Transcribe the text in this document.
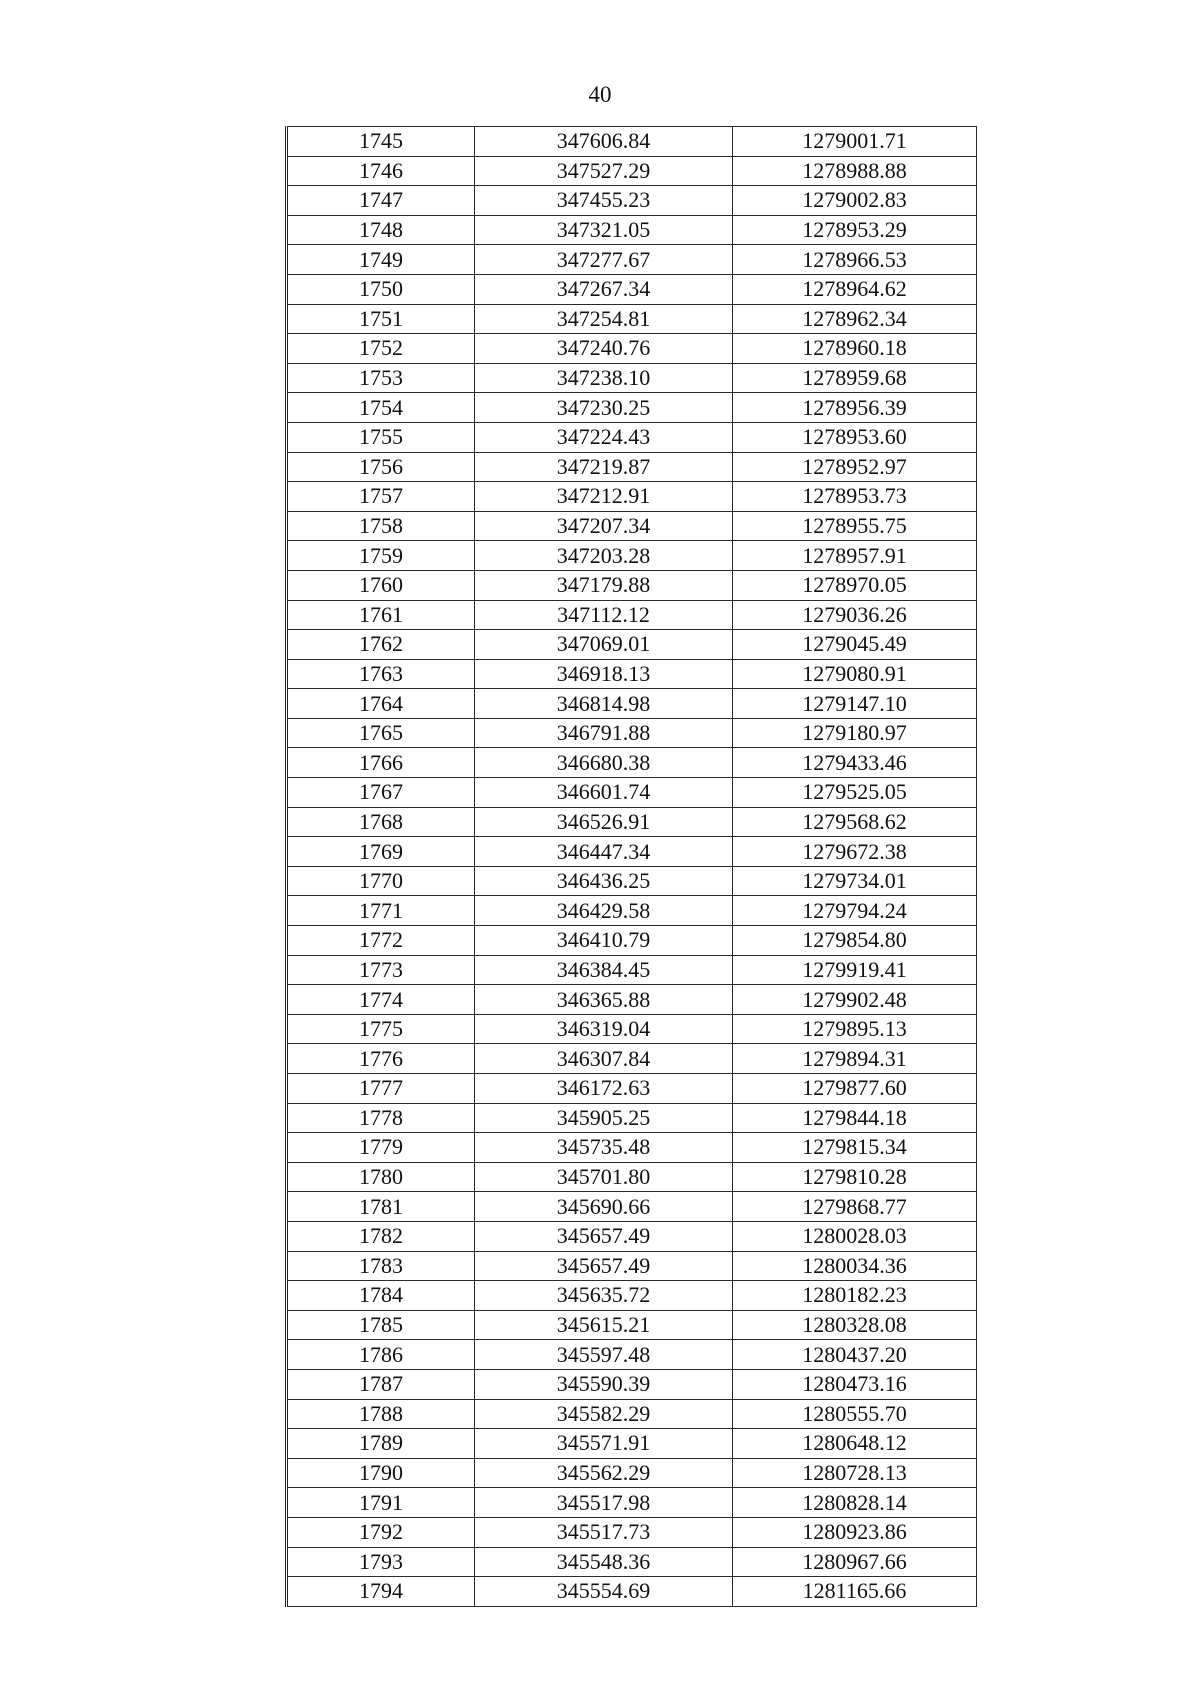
40
1745	347606.84	1279001.71
1746	347527.29	1278988.88
1747	347455.23	1279002.83
1748	347321.05	1278953.29
1749	347277.67	1278966.53
1750	347267.34	1278964.62
1751	347254.81	1278962.34
1752	347240.76	1278960.18
1753	347238.10	1278959.68
1754	347230.25	1278956.39
1755	347224.43	1278953.60
1756	347219.87	1278952.97
1757	347212.91	1278953.73
1758	347207.34	1278955.75
1759	347203.28	1278957.91
1760	347179.88	1278970.05
1761	347112.12	1279036.26
1762	347069.01	1279045.49
1763	346918.13	1279080.91
1764	346814.98	1279147.10
1765	346791.88	1279180.97
1766	346680.38	1279433.46
1767	346601.74	1279525.05
1768	346526.91	1279568.62
1769	346447.34	1279672.38
1770	346436.25	1279734.01
1771	346429.58	1279794.24
1772	346410.79	1279854.80
1773	346384.45	1279919.41
1774	346365.88	1279902.48
1775	346319.04	1279895.13
1776	346307.84	1279894.31
1777	346172.63	1279877.60
1778	345905.25	1279844.18
1779	345735.48	1279815.34
1780	345701.80	1279810.28
1781	345690.66	1279868.77
1782	345657.49	1280028.03
1783	345657.49	1280034.36
1784	345635.72	1280182.23
1785	345615.21	1280328.08
1786	345597.48	1280437.20
1787	345590.39	1280473.16
1788	345582.29	1280555.70
1789	345571.91	1280648.12
1790	345562.29	1280728.13
1791	345517.98	1280828.14
1792	345517.73	1280923.86
1793	345548.36	1280967.66
1794	345554.69	1281165.66
